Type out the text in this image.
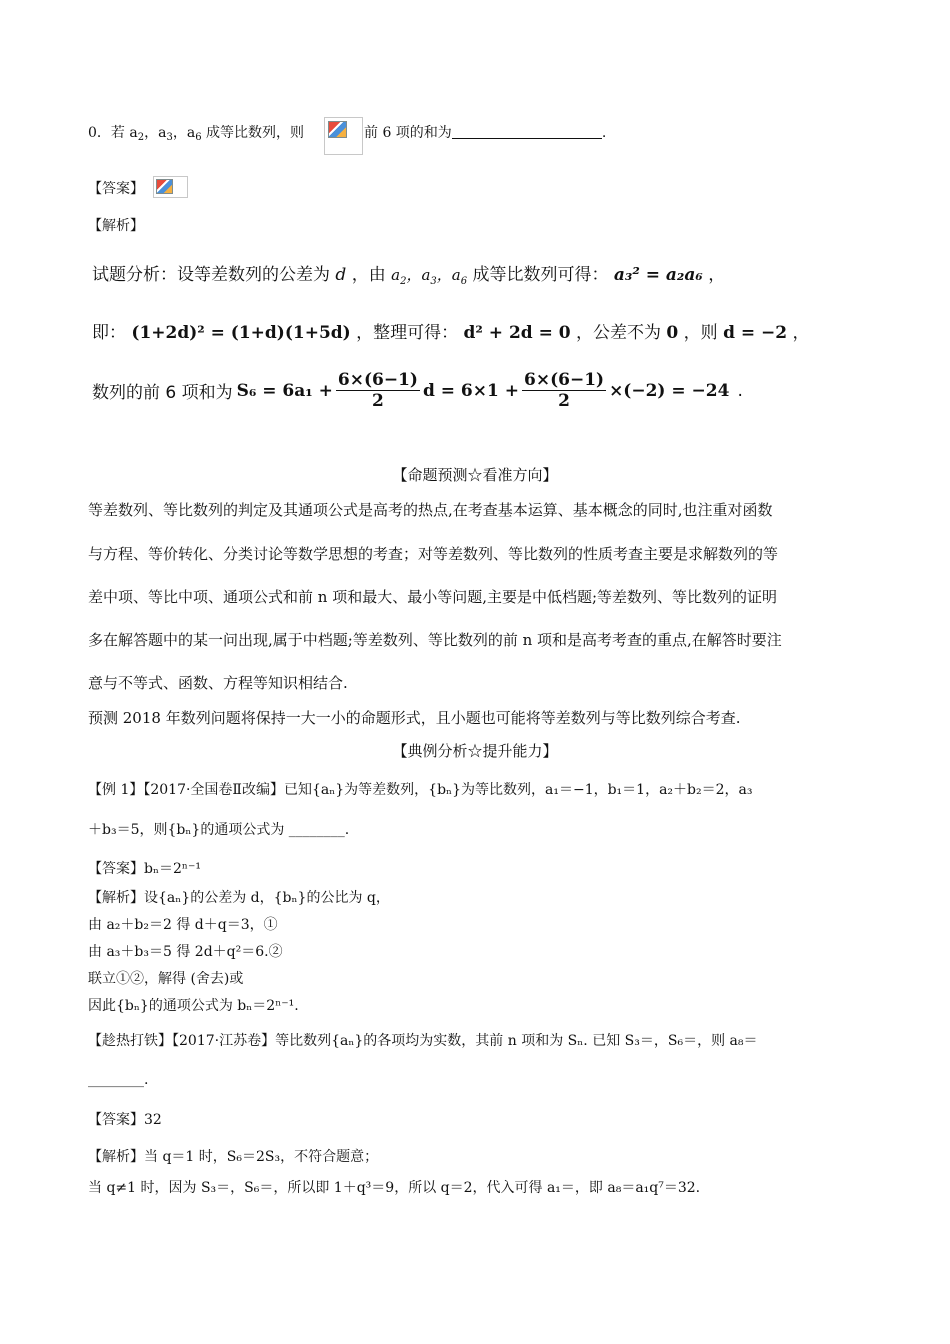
0．若 $a_2$，$a_3$，$a_6$ 成等比数列，则	前 6 项的和为	.
【答案】
【解析】
试题分析：设等差数列的公差为 d ，由 $a_2$，$a_3$，$a_6$ 成等比数列可得： a₃² = a₂a₆ ，
即： (1+2d)² = (1+d)(1+5d) ，整理可得： d² + 2d = 0 ，公差不为 0 ，则 d = −2 ，
数列的前 6 项和为 $S_6 = 6a_1 + \frac{6\times(6-1)}{2}$ $d = 6\times 1 + \frac{6\times(6-1)}{2} \times(-2) = -24$ .
【命题预测☆看准方向】
等差数列、等比数列的判定及其通项公式是高考的热点,在考查基本运算、基本概念的同时,也注重对函数
与方程、等价转化、分类讨论等数学思想的考查；对等差数列、等比数列的性质考查主要是求解数列的等
差中项、等比中项、通项公式和前 n 项和最大、最小等问题,主要是中低档题;等差数列、等比数列的证明
多在解答题中的某一问出现,属于中档题;等差数列、等比数列的前 n 项和是高考考查的重点,在解答时要注
意与不等式、函数、方程等知识相结合.
预测 2018 年数列问题将保持一大一小的命题形式，且小题也可能将等差数列与等比数列综合考查.
【典例分析☆提升能力】
【例 1】【2017·全国卷Ⅱ改编】已知{aₙ}为等差数列，{bₙ}为等比数列，a₁＝−1，b₁＝1，a₂＋b₂＝2，a₃
＋b₃＝5，则{bₙ}的通项公式为 ________.
【答案】bₙ＝2ⁿ⁻¹
【解析】设{aₙ}的公差为 d，{bₙ}的公比为 q，
由 a₂＋b₂＝2 得 d＋q＝3，①
由 a₃＋b₃＝5 得 2d＋q²＝6.②
联立①②，解得 (舍去)或
因此{bₙ}的通项公式为 bₙ＝2ⁿ⁻¹.
【趁热打铁】【2017·江苏卷】等比数列{aₙ}的各项均为实数，其前 n 项和为 Sₙ. 已知 S₃＝，S₆＝，则 a₈＝
________.
【答案】32
【解析】当 q＝1 时，S₆＝2S₃，不符合题意；
当 q≠1 时，因为 S₃＝，S₆＝，所以即 1＋q³＝9，所以 q＝2，代入可得 a₁＝，即 a₈＝a₁q⁷＝32.
